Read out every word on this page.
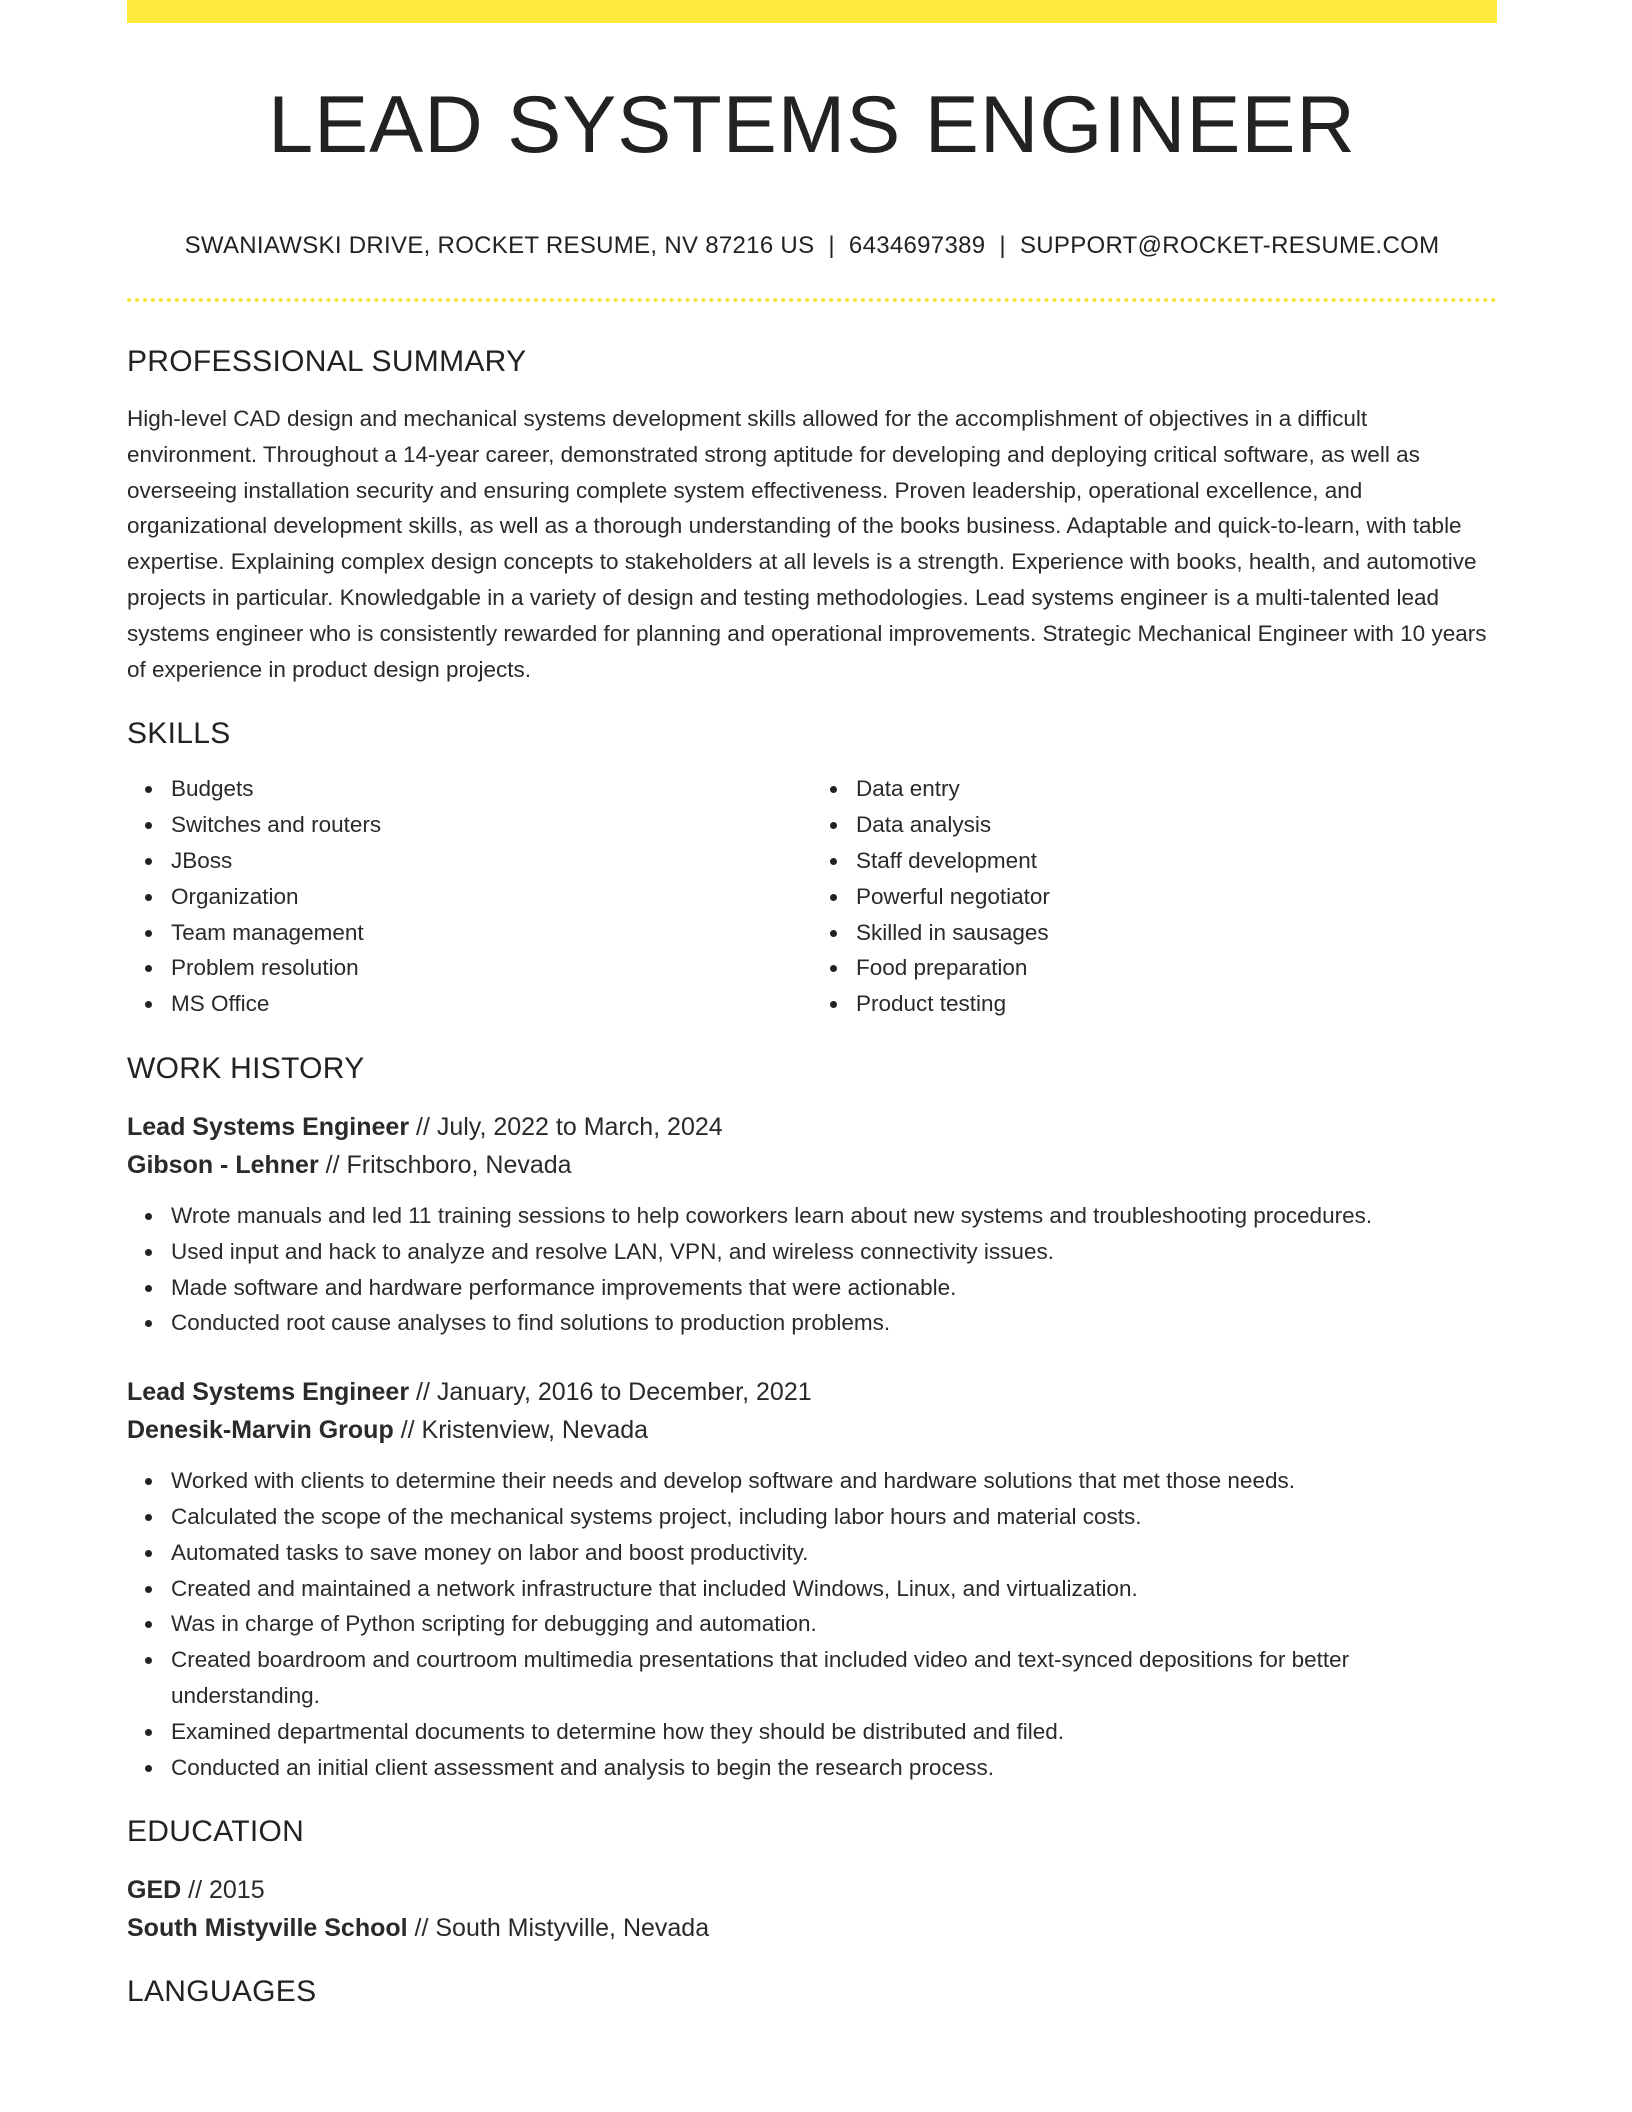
LEAD SYSTEMS ENGINEER
SWANIAWSKI DRIVE, ROCKET RESUME, NV 87216 US | 6434697389 | SUPPORT@ROCKET-RESUME.COM
PROFESSIONAL SUMMARY

High-level CAD design and mechanical systems development skills allowed for the accomplishment of objectives in a difficult environment. Throughout a 14-year career, demonstrated strong aptitude for developing and deploying critical software, as well as overseeing installation security and ensuring complete system effectiveness. Proven leadership, operational excellence, and organizational development skills, as well as a thorough understanding of the books business. Adaptable and quick-to-learn, with table expertise. Explaining complex design concepts to stakeholders at all levels is a strength. Experience with books, health, and automotive projects in particular. Knowledgable in a variety of design and testing methodologies. Lead systems engineer is a multi-talented lead systems engineer who is consistently rewarded for planning and operational improvements. Strategic Mechanical Engineer with 10 years of experience in product design projects.

SKILLS
Budgets
Switches and routers
JBoss
Organization
Team management
Problem resolution
MS Office
Data entry
Data analysis
Staff development
Powerful negotiator
Skilled in sausages
Food preparation
Product testing
WORK HISTORY
Lead Systems Engineer // July, 2022 to March, 2024
Gibson - Lehner // Fritschboro, Nevada
Wrote manuals and led 11 training sessions to help coworkers learn about new systems and troubleshooting procedures.
Used input and hack to analyze and resolve LAN, VPN, and wireless connectivity issues.
Made software and hardware performance improvements that were actionable.
Conducted root cause analyses to find solutions to production problems.
Lead Systems Engineer // January, 2016 to December, 2021
Denesik-Marvin Group // Kristenview, Nevada
Worked with clients to determine their needs and develop software and hardware solutions that met those needs.
Calculated the scope of the mechanical systems project, including labor hours and material costs.
Automated tasks to save money on labor and boost productivity.
Created and maintained a network infrastructure that included Windows, Linux, and virtualization.
Was in charge of Python scripting for debugging and automation.
Created boardroom and courtroom multimedia presentations that included video and text-synced depositions for better understanding.
Examined departmental documents to determine how they should be distributed and filed.
Conducted an initial client assessment and analysis to begin the research process.
EDUCATION
GED // 2015
South Mistyville School // South Mistyville, Nevada
LANGUAGES
